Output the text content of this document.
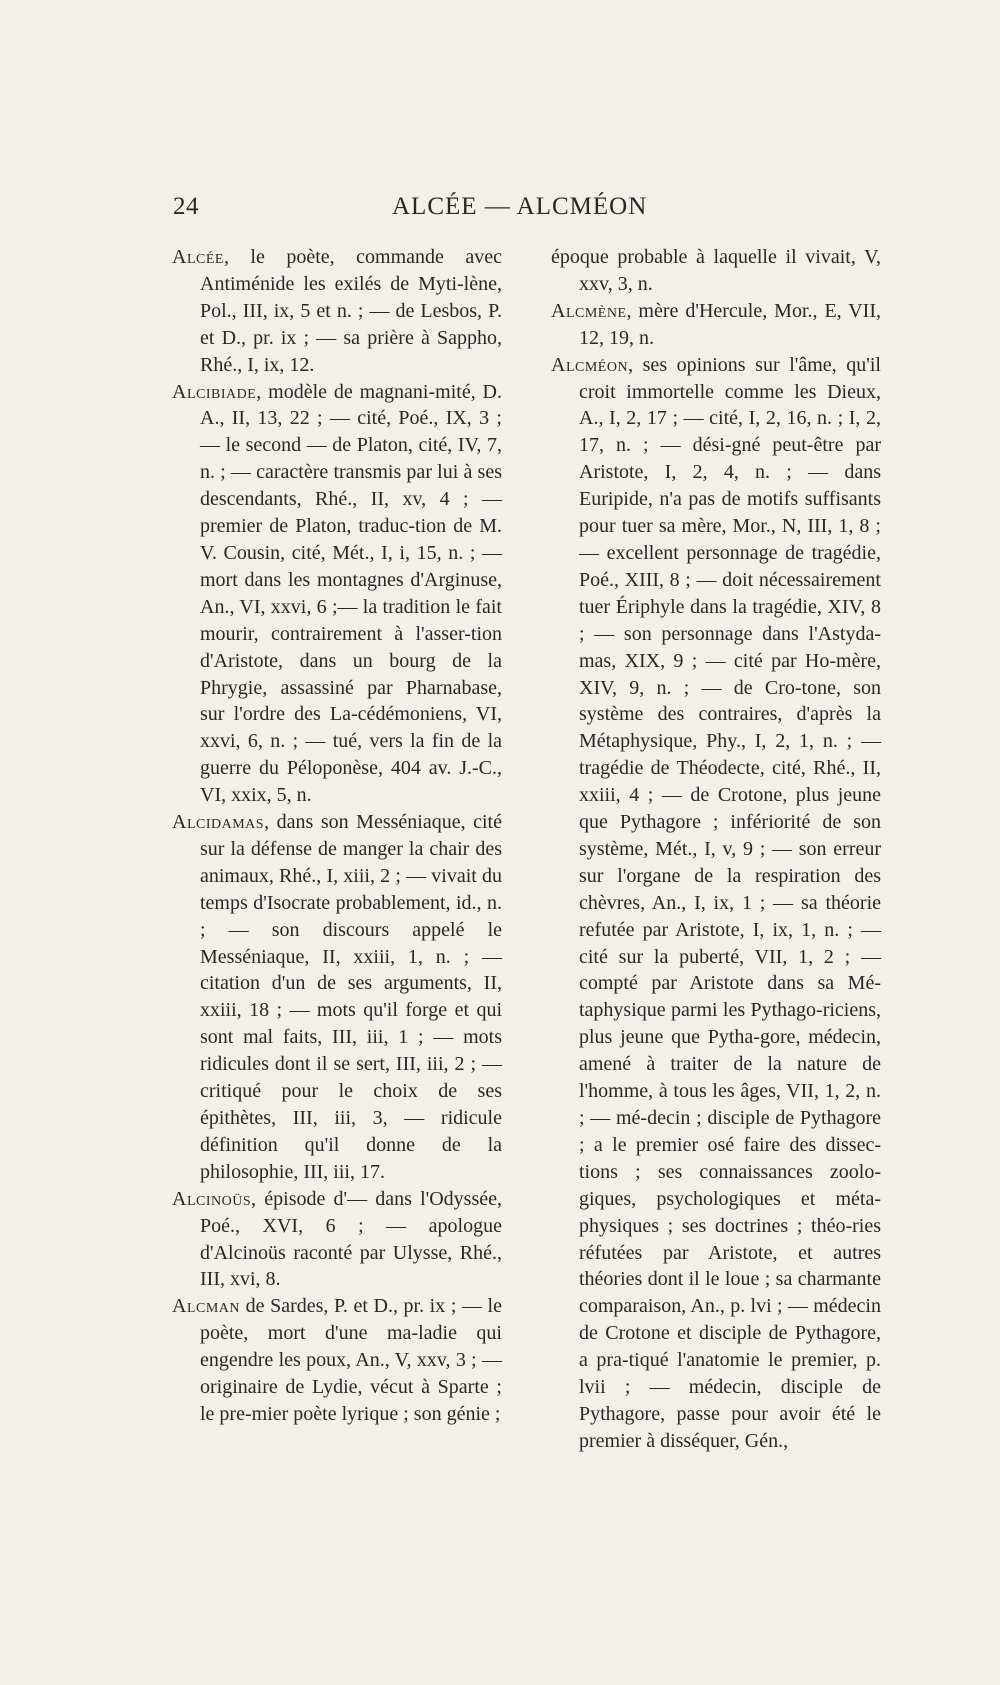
24	ALCÉE — ALCMÉON

Alcée, le poète, commande avec Antiménide les exilés de Myti-lène, Pol., III, ix, 5 et n. ; — de Lesbos, P. et D., pr. ix ; — sa prière à Sappho, Rhé., I, ix, 12.

Alcibiade, modèle de magnani-mité, D. A., II, 13, 22 ; — cité, Poé., IX, 3 ; — le second — de Platon, cité, IV, 7, n. ; — caractère transmis par lui à ses descendants, Rhé., II, xv, 4 ; — premier de Platon, traduc-tion de M. V. Cousin, cité, Mét., I, i, 15, n. ; — mort dans les montagnes d'Arginuse, An., VI, xxvi, 6 ;— la tradition le fait mourir, contrairement à l'asser-tion d'Aristote, dans un bourg de la Phrygie, assassiné par Pharnabase, sur l'ordre des La-cédémoniens, VI, xxvi, 6, n. ; — tué, vers la fin de la guerre du Péloponèse, 404 av. J.-C., VI, xxix, 5, n.

Alcidamas, dans son Messéniaque, cité sur la défense de manger la chair des animaux, Rhé., I, xiii, 2 ; — vivait du temps d'Isocrate probablement, id., n. ; — son discours appelé le Messéniaque, II, xxiii, 1, n. ; — citation d'un de ses arguments, II, xxiii, 18 ; — mots qu'il forge et qui sont mal faits, III, iii, 1 ; — mots ridicules dont il se sert, III, iii, 2 ; — critiqué pour le choix de ses épithètes, III, iii, 3, — ridicule définition qu'il donne de la philosophie, III, iii, 17.

Alcinoüs, épisode d'— dans l'Odyssée, Poé., XVI, 6 ; — apologue d'Alcinoüs raconté par Ulysse, Rhé., III, xvi, 8.

Alcman de Sardes, P. et D., pr. ix ; — le poète, mort d'une ma-ladie qui engendre les poux, An., V, xxv, 3 ; — originaire de Lydie, vécut à Sparte ; le pre-mier poète lyrique ; son génie ;

époque probable à laquelle il vivait, V, xxv, 3, n.

Alcmène, mère d'Hercule, Mor., E, VII, 12, 19, n.

Alcméon, ses opinions sur l'âme, qu'il croit immortelle comme les Dieux, A., I, 2, 17 ; — cité, I, 2, 16, n. ; I, 2, 17, n. ; — dési-gné peut-être par Aristote, I, 2, 4, n. ; — dans Euripide, n'a pas de motifs suffisants pour tuer sa mère, Mor., N, III, 1, 8 ; — excellent personnage de tragédie, Poé., XIII, 8 ; — doit nécessairement tuer Ériphyle dans la tragédie, XIV, 8 ; — son personnage dans l'Astyda-mas, XIX, 9 ; — cité par Ho-mère, XIV, 9, n. ; — de Cro-tone, son système des contraires, d'après la Métaphysique, Phy., I, 2, 1, n. ; — tragédie de Théodecte, cité, Rhé., II, xxiii, 4 ; — de Crotone, plus jeune que Pythagore ; infériorité de son système, Mét., I, v, 9 ; — son erreur sur l'organe de la respiration des chèvres, An., I, ix, 1 ; — sa théorie refutée par Aristote, I, ix, 1, n. ; — cité sur la puberté, VII, 1, 2 ; — compté par Aristote dans sa Mé-taphysique parmi les Pythago-riciens, plus jeune que Pytha-gore, médecin, amené à traiter de la nature de l'homme, à tous les âges, VII, 1, 2, n. ; — mé-decin ; disciple de Pythagore ; a le premier osé faire des dissec-tions ; ses connaissances zoolo-giques, psychologiques et méta-physiques ; ses doctrines ; théo-ries réfutées par Aristote, et autres théories dont il le loue ; sa charmante comparaison, An., p. lvi ; — médecin de Crotone et disciple de Pythagore, a pra-tiqué l'anatomie le premier, p. lvii ; — médecin, disciple de Pythagore, passe pour avoir été le premier à disséquer, Gén.,
